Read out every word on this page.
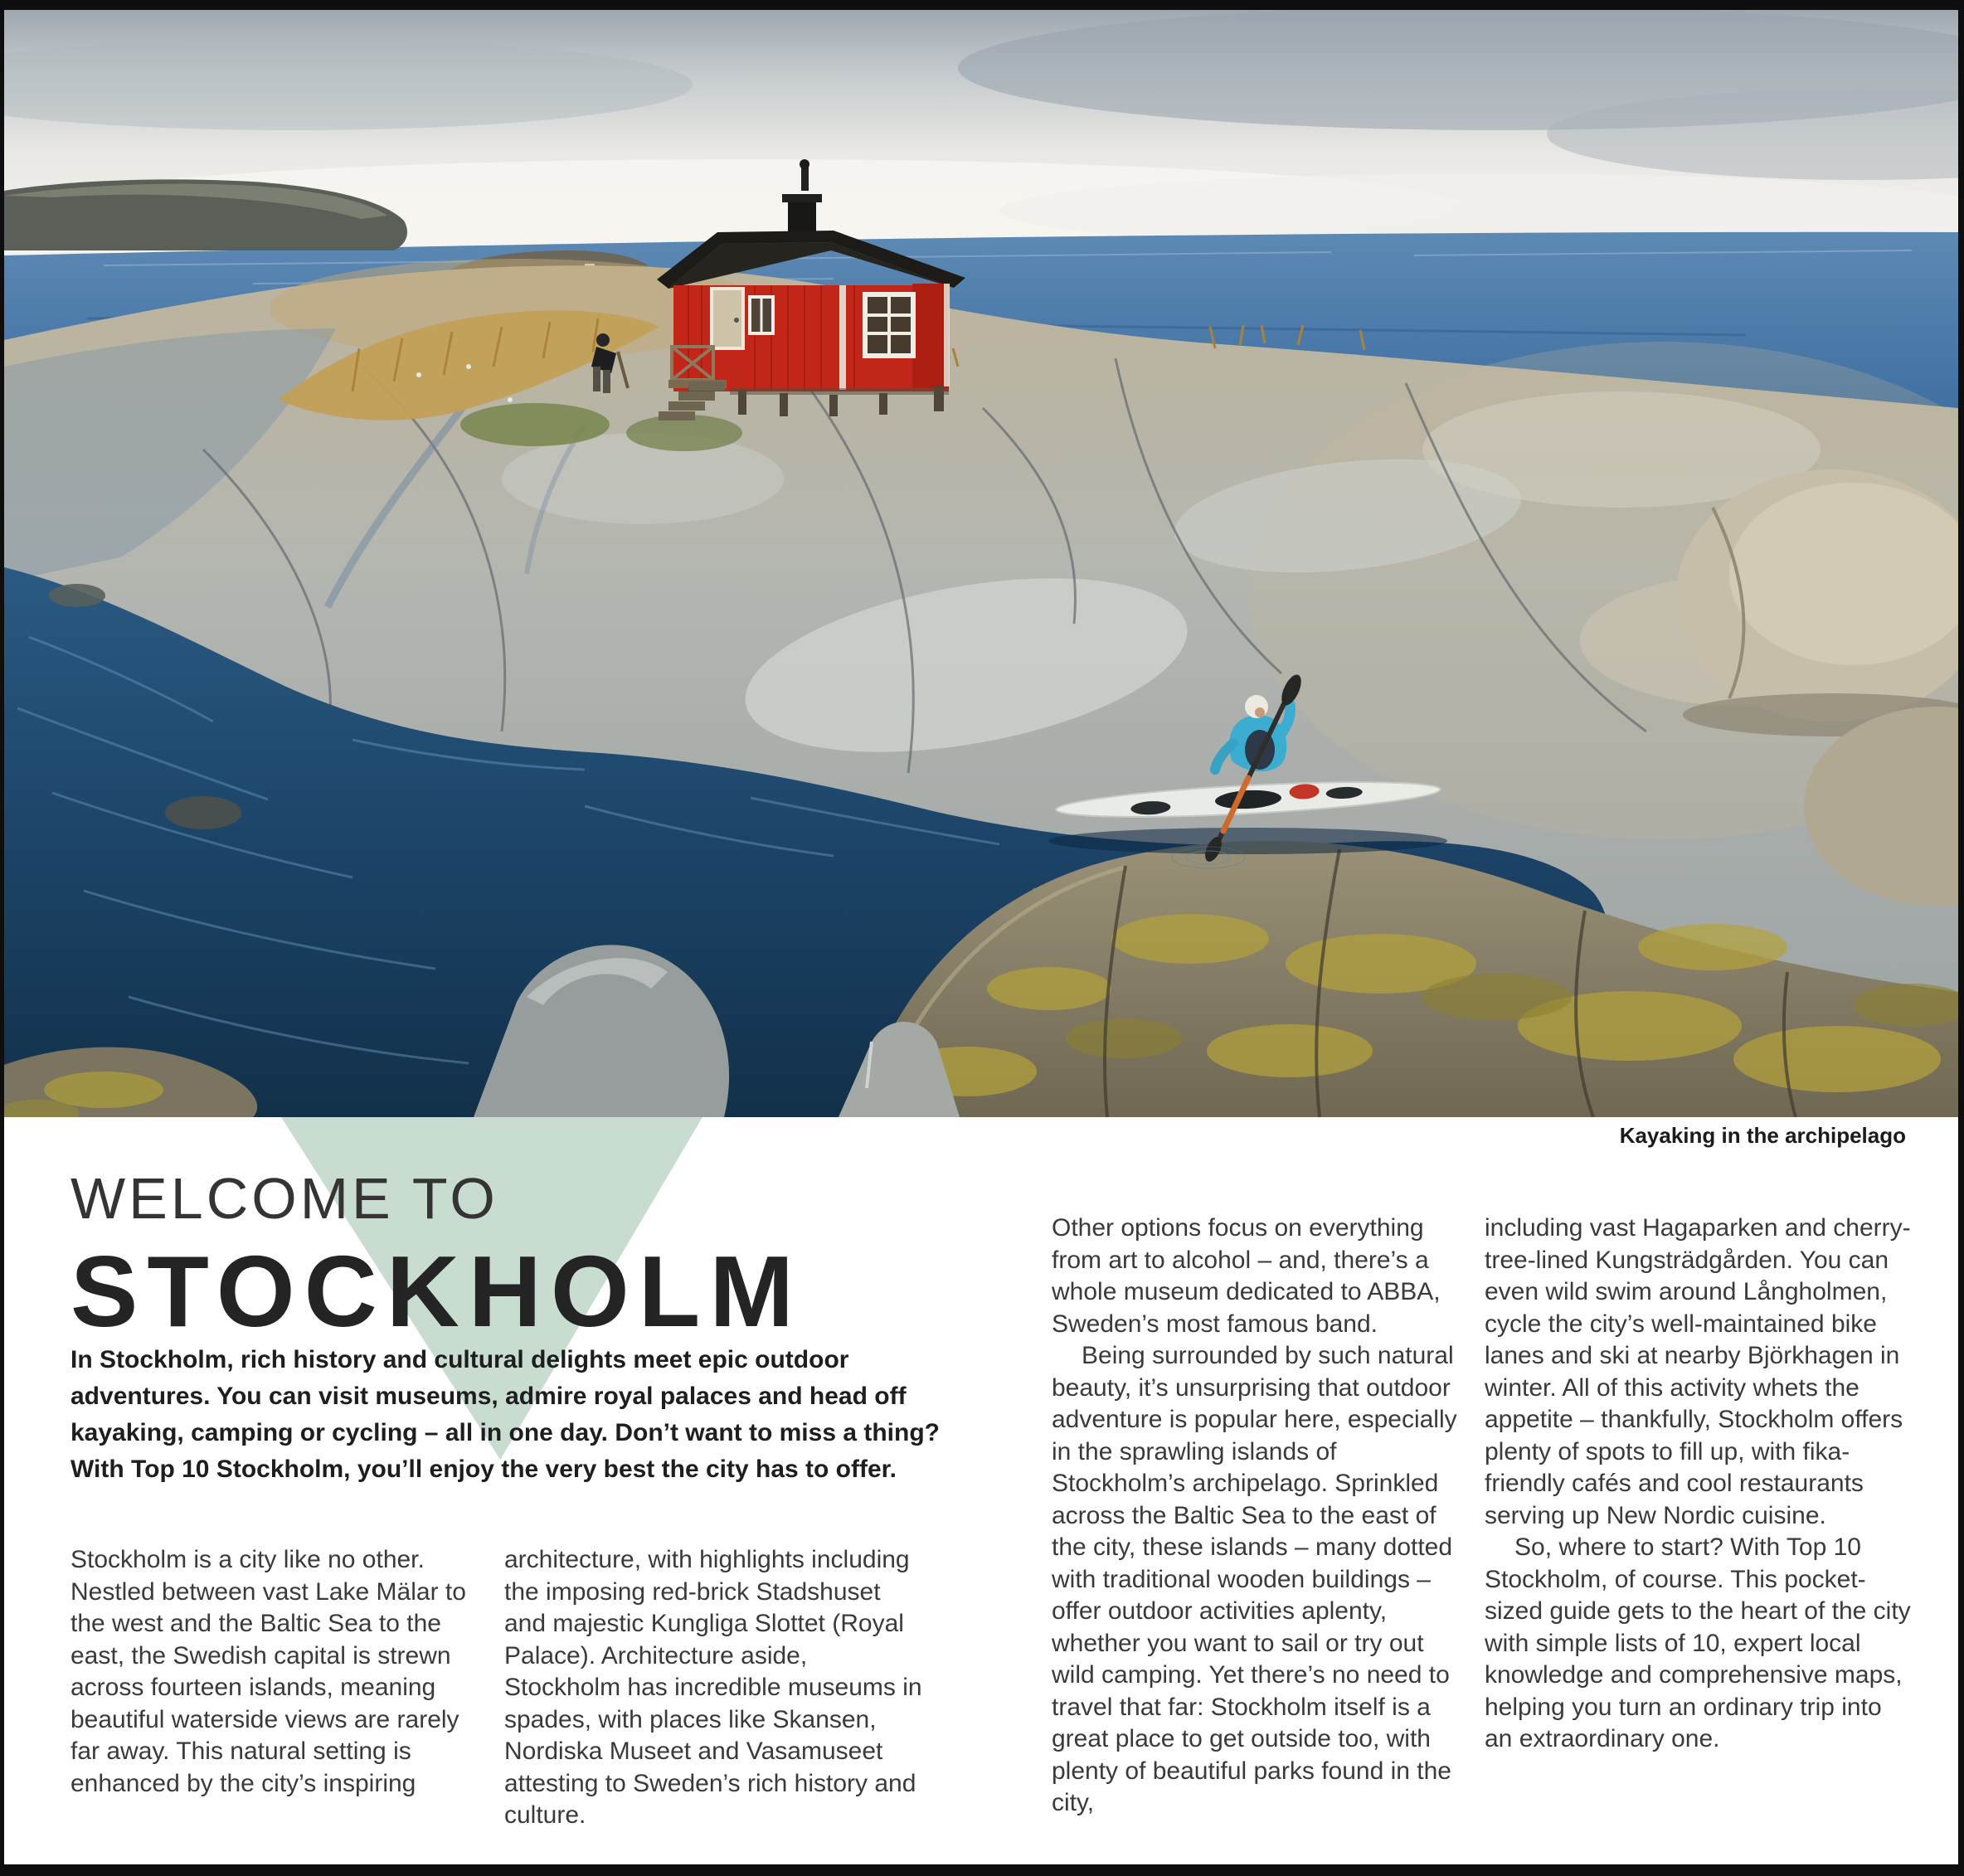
Kayaking in the archipelago
WELCOME TO
STOCKHOLM
In Stockholm, rich history and cultural delights meet epic outdoor adventures. You can visit museums, admire royal palaces and head off kayaking, camping or cycling – all in one day. Don’t want to miss a thing? With Top 10 Stockholm, you’ll enjoy the very best the city has to offer.

Stockholm is a city like no other. Nestled between vast Lake Mälar to the west and the Baltic Sea to the east, the Swedish capital is strewn across fourteen islands, meaning beautiful waterside views are rarely far away. This natural setting is enhanced by the city’s inspiring

architecture, with highlights including the imposing red-brick Stadshuset and majestic Kungliga Slottet (Royal Palace). Architecture aside, Stockholm has incredible museums in spades, with places like Skansen, Nordiska Museet and Vasamuseet attesting to Sweden’s rich history and culture.

Other options focus on everything from art to alcohol – and, there’s a whole museum dedicated to ABBA, Sweden’s most famous band.

Being surrounded by such natural beauty, it’s unsurprising that outdoor adventure is popular here, especially in the sprawling islands of Stockholm’s archipelago. Sprinkled across the Baltic Sea to the east of the city, these islands – many dotted with traditional wooden buildings – offer outdoor activities aplenty, whether you want to sail or try out wild camping. Yet there’s no need to travel that far: Stockholm itself is a great place to get outside too, with plenty of beautiful parks found in the city,

including vast Hagaparken and cherry-tree-lined Kungsträdgården. You can even wild swim around Långholmen, cycle the city’s well-maintained bike lanes and ski at nearby Björkhagen in winter. All of this activity whets the appetite – thankfully, Stockholm offers plenty of spots to fill up, with fika-friendly cafés and cool restaurants serving up New Nordic cuisine.

So, where to start? With Top 10 Stockholm, of course. This pocket-sized guide gets to the heart of the city with simple lists of 10, expert local knowledge and comprehensive maps, helping you turn an ordinary trip into an extraordinary one.
